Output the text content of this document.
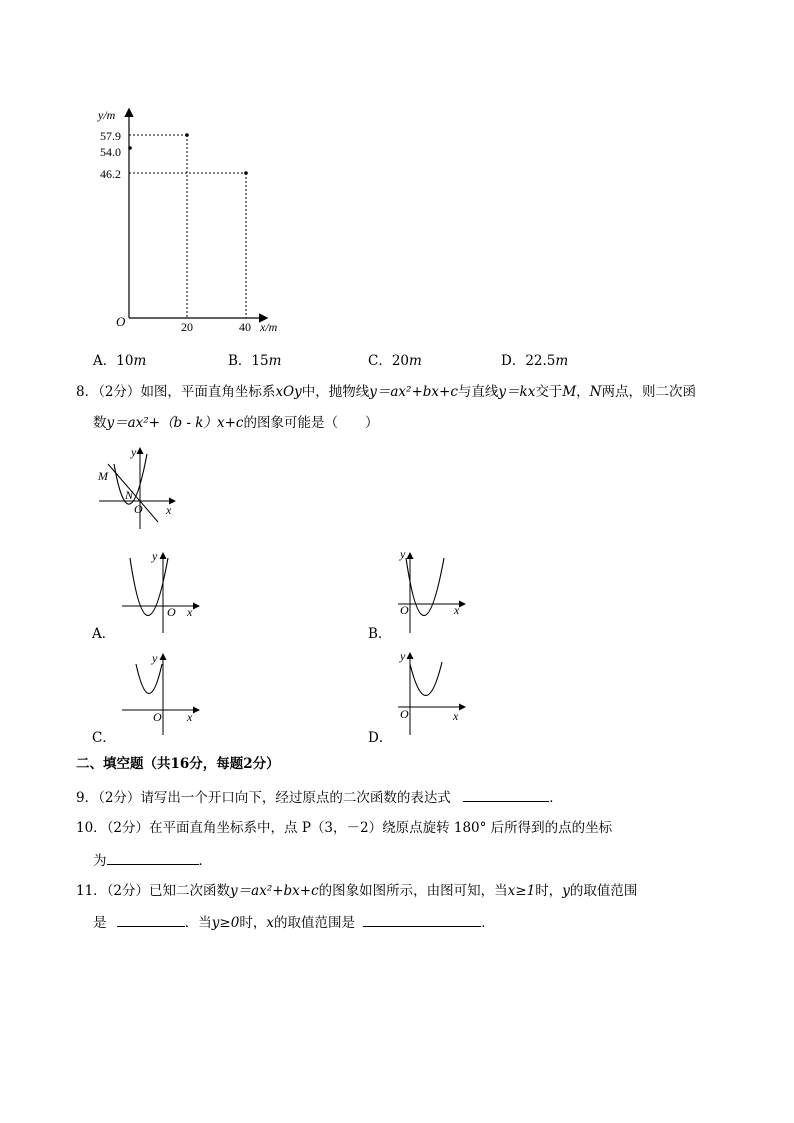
y/m
57.9
54.0
46.2
O	20	40 x/m
A．10m	B．15m	C．20m	D．22.5m
8．（2分）如图，平面直角坐标系xOy中，抛物线y＝ax²+bx+c与直线y＝kx交于M，N两点，则二次函
数y＝ax²+（b - k）x+c的图象可能是（　　）
y
M
N
O x
y
O x
A．
y
O	x
B．
y
O x
C．
y
O	x
D．
二、填空题（共16分，每题2分）
9．（2分）请写出一个开口向下，经过原点的二次函数的表达式	．
10．（2分）在平面直角坐标系中，点 P（3，－2）绕原点旋转 180° 后所得到的点的坐标
为	．
11．（2分）已知二次函数y＝ax²+bx+c的图象如图所示，由图可知，当x≥1时，y的取值范围
是	．当y≥0时，x的取值范围是	．
